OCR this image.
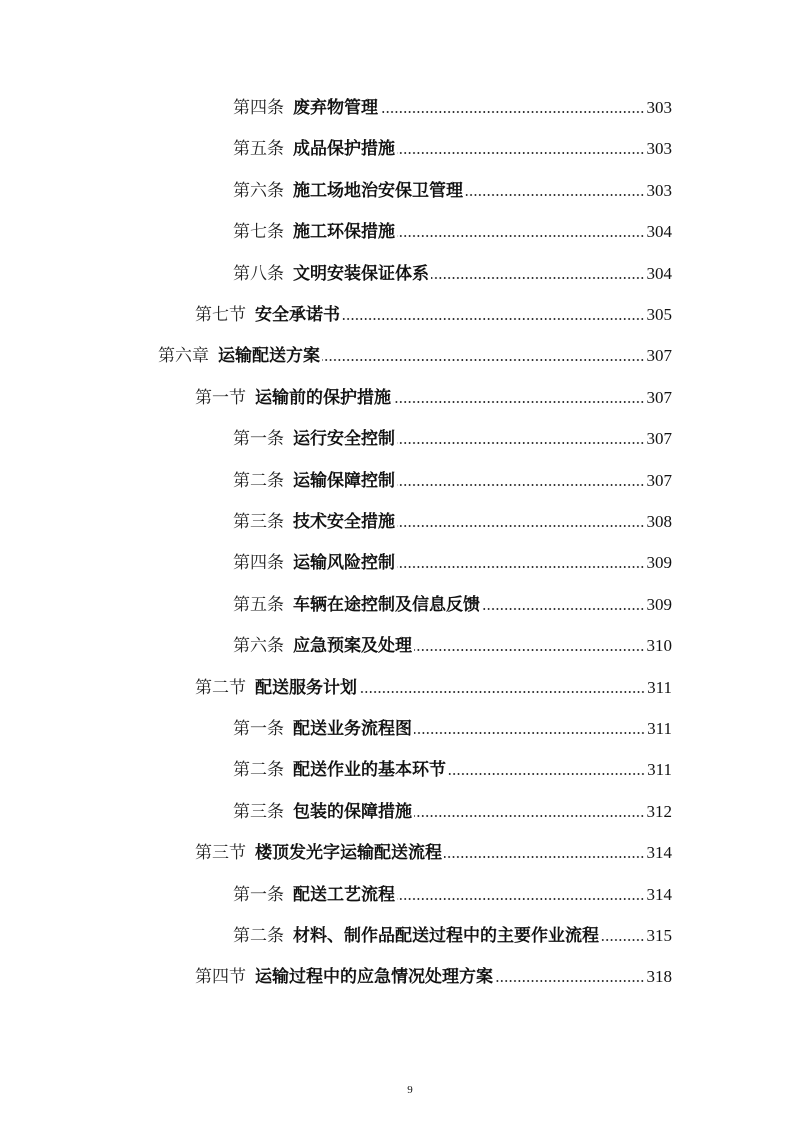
第四条 废弃物管理	303
第五条 成品保护措施	303
第六条 施工场地治安保卫管理	303
第七条 施工环保措施	304
第八条 文明安装保证体系	304
第七节 安全承诺书	305
第六章 运输配送方案	307
第一节 运输前的保护措施	307
第一条 运行安全控制	307
第二条 运输保障控制	307
第三条 技术安全措施	308
第四条 运输风险控制	309
第五条 车辆在途控制及信息反馈	309
第六条 应急预案及处理	310
第二节 配送服务计划	311
第一条 配送业务流程图	311
第二条 配送作业的基本环节	311
第三条 包装的保障措施	312
第三节 楼顶发光字运输配送流程	314
第一条 配送工艺流程	314
第二条 材料、制作品配送过程中的主要作业流程	315
第四节 运输过程中的应急情况处理方案	318
9
